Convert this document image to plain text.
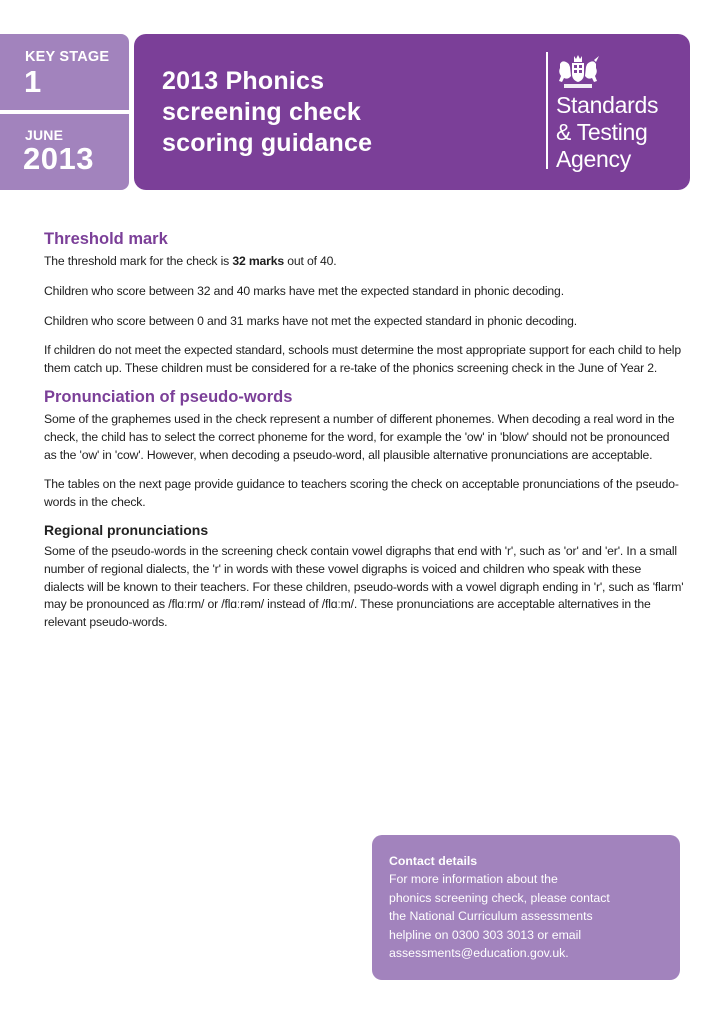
KEY STAGE
1
JUNE
2013
2013 Phonics
screening check
scoring guidance
Standards
& Testing
Agency
Threshold mark

The threshold mark for the check is 32 marks out of 40.

Children who score between 32 and 40 marks have met the expected standard in phonic decoding.

Children who score between 0 and 31 marks have not met the expected standard in phonic decoding.

If children do not meet the expected standard, schools must determine the most appropriate support for each child to help them catch up. These children must be considered for a re-take of the phonics screening check in the June of Year 2.

Pronunciation of pseudo-words

Some of the graphemes used in the check represent a number of different phonemes. When decoding a real word in the check, the child has to select the correct phoneme for the word, for example the 'ow' in 'blow' should not be pronounced as the 'ow' in 'cow'. However, when decoding a pseudo-word, all plausible alternative pronunciations are acceptable.

The tables on the next page provide guidance to teachers scoring the check on acceptable pronunciations of the pseudo-words in the check.

Regional pronunciations

Some of the pseudo-words in the screening check contain vowel digraphs that end with 'r', such as 'or' and 'er'. In a small number of regional dialects, the 'r' in words with these vowel digraphs is voiced and children who speak with these dialects will be known to their teachers. For these children, pseudo-words with a vowel digraph ending in 'r', such as 'flarm' may be pronounced as /flɑːrm/ or /flɑːrəm/ instead of /flɑːm/. These pronunciations are acceptable alternatives in the relevant pseudo-words.

Contact details
For more information about the
phonics screening check, please contact
the National Curriculum assessments
helpline on 0300 303 3013 or email
assessments@education.gov.uk.
